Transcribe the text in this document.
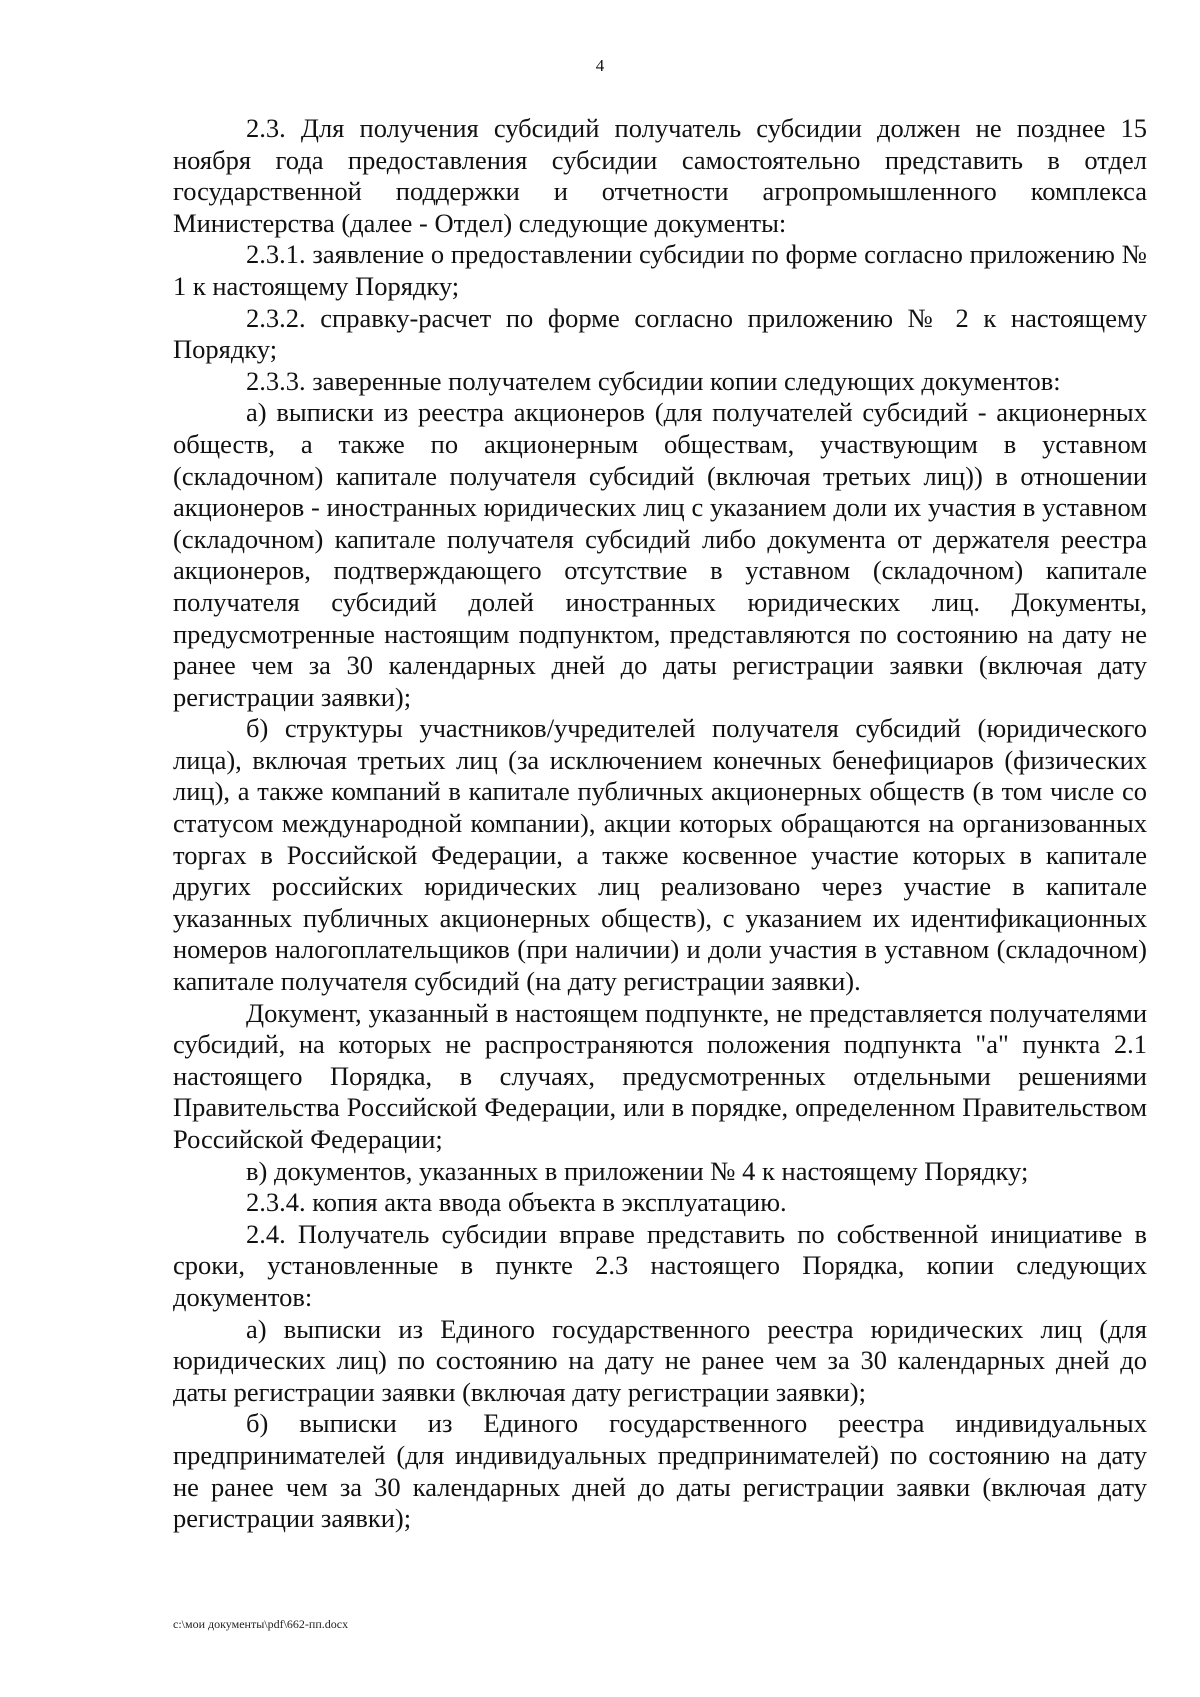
4

2.3. Для получения субсидий получатель субсидии должен не позднее 15 ноября года предоставления субсидии самостоятельно представить в отдел государственной поддержки и отчетности агропромышленного комплекса Министерства (далее - Отдел) следующие документы:

2.3.1. заявление о предоставлении субсидии по форме согласно приложению № 1 к настоящему Порядку;

2.3.2. справку-расчет по форме согласно приложению № 2 к настоящему Порядку;

2.3.3. заверенные получателем субсидии копии следующих документов:

а) выписки из реестра акционеров (для получателей субсидий - акционерных обществ, а также по акционерным обществам, участвующим в уставном (складочном) капитале получателя субсидий (включая третьих лиц)) в отношении акционеров - иностранных юридических лиц с указанием доли их участия в уставном (складочном) капитале получателя субсидий либо документа от держателя реестра акционеров, подтверждающего отсутствие в уставном (складочном) капитале получателя субсидий долей иностранных юридических лиц. Документы, предусмотренные настоящим подпунктом, представляются по состоянию на дату не ранее чем за 30 календарных дней до даты регистрации заявки (включая дату регистрации заявки);

б) структуры участников/учредителей получателя субсидий (юридического лица), включая третьих лиц (за исключением конечных бенефициаров (физических лиц), а также компаний в капитале публичных акционерных обществ (в том числе со статусом международной компании), акции которых обращаются на организованных торгах в Российской Федерации, а также косвенное участие которых в капитале других российских юридических лиц реализовано через участие в капитале указанных публичных акционерных обществ), с указанием их идентификационных номеров налогоплательщиков (при наличии) и доли участия в уставном (складочном) капитале получателя субсидий (на дату регистрации заявки).

Документ, указанный в настоящем подпункте, не представляется получателями субсидий, на которых не распространяются положения подпункта "а" пункта 2.1 настоящего Порядка, в случаях, предусмотренных отдельными решениями Правительства Российской Федерации, или в порядке, определенном Правительством Российской Федерации;

в) документов, указанных в приложении № 4 к настоящему Порядку;

2.3.4. копия акта ввода объекта в эксплуатацию.

2.4. Получатель субсидии вправе представить по собственной инициативе в сроки, установленные в пункте 2.3 настоящего Порядка, копии следующих документов:

а) выписки из Единого государственного реестра юридических лиц (для юридических лиц) по состоянию на дату не ранее чем за 30 календарных дней до даты регистрации заявки (включая дату регистрации заявки);

б) выписки из Единого государственного реестра индивидуальных предпринимателей (для индивидуальных предпринимателей) по состоянию на дату не ранее чем за 30 календарных дней до даты регистрации заявки (включая дату регистрации заявки);

c:\мои документы\pdf\662-пп.docx
